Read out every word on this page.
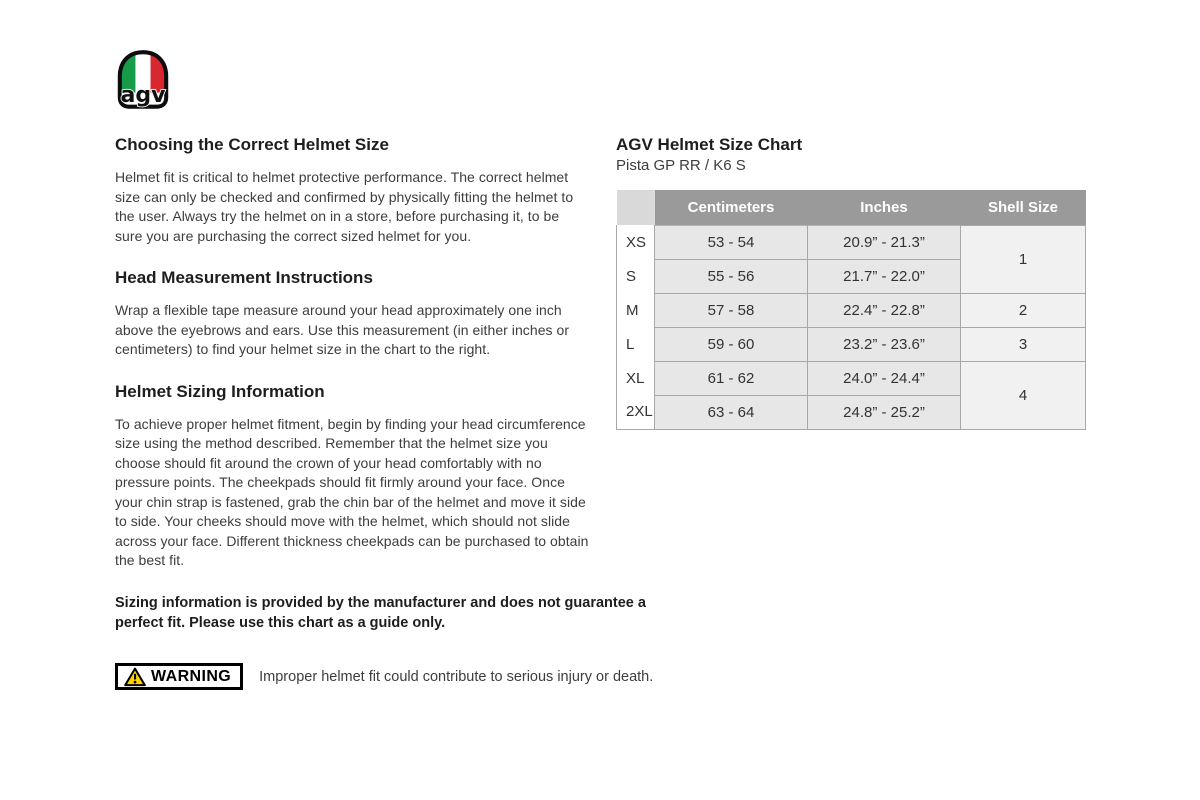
agv
Choosing the Correct Helmet Size

Helmet fit is critical to helmet protective performance. The correct helmet size can only be checked and confirmed by physically fitting the helmet to the user. Always try the helmet on in a store, before purchasing it, to be sure you are purchasing the correct sized helmet for you.

Head Measurement Instructions

Wrap a flexible tape measure around your head approximately one inch above the eyebrows and ears. Use this measurement (in either inches or centimeters) to find your helmet size in the chart to the right.

Helmet Sizing Information

To achieve proper helmet fitment, begin by finding your head circumference size using the method described. Remember that the helmet size you choose should fit around the crown of your head comfortably with no pressure points. The cheekpads should fit firmly around your face. Once your chin strap is fastened, grab the chin bar of the helmet and move it side to side. Your cheeks should move with the helmet, which should not slide across your face. Different thickness cheekpads can be purchased to obtain the best fit.

Sizing information is provided by the manufacturer and does not guarantee a perfect fit. Please use this chart as a guide only.

WARNING Improper helmet fit could contribute to serious injury or death.
AGV Helmet Size Chart
Pista GP RR / K6 S
	Centimeters	Inches	Shell Size
XS	53 - 54	20.9” - 21.3”	1
S	55 - 56	21.7” - 22.0”	
M	57 - 58	22.4” - 22.8”	2
L	59 - 60	23.2” - 23.6”	3
XL	61 - 62	24.0” - 24.4”	4
2XL	63 - 64	24.8” - 25.2”	
